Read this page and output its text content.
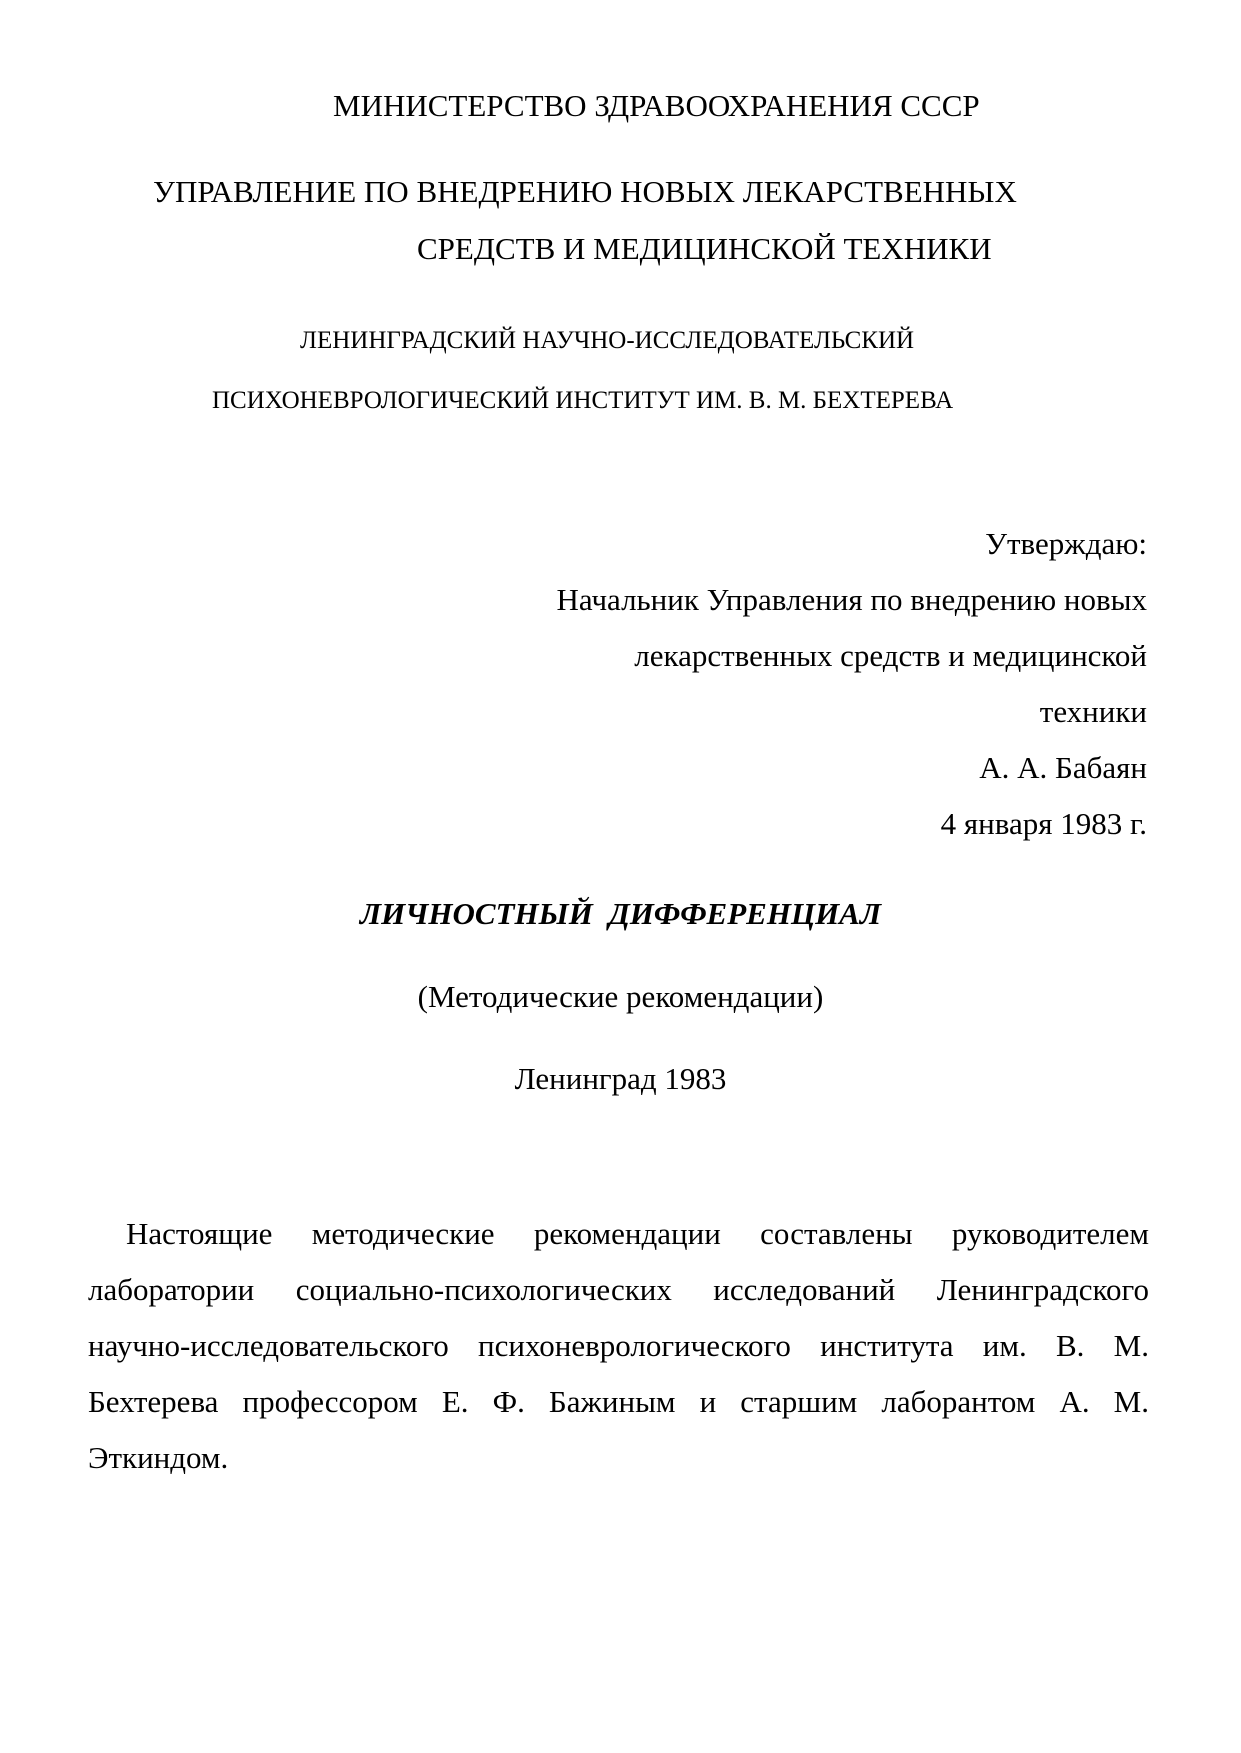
МИНИСТЕРСТВО ЗДРАВООХРАНЕНИЯ СССР
УПРАВЛЕНИЕ ПО ВНЕДРЕНИЮ НОВЫХ ЛЕКАРСТВЕННЫХ
СРЕДСТВ И МЕДИЦИНСКОЙ ТЕХНИКИ
ЛЕНИНГРАДСКИЙ НАУЧНО-ИССЛЕДОВАТЕЛЬСКИЙ
ПСИХОНЕВРОЛОГИЧЕСКИЙ ИНСТИТУТ ИМ. В. М. БЕХТЕРЕВА
Утверждаю:
Начальник Управления по внедрению новых
лекарственных средств и медицинской
техники
А. А. Бабаян
4 января 1983 г.
ЛИЧНОСТНЫЙ ДИФФЕРЕНЦИАЛ
(Методические рекомендации)
Ленинград 1983
Настоящие методические рекомендации составлены руководителем лаборатории социально-психологических исследований Ленинградского научно-исследовательского психоневрологического института им. В. М. Бехтерева профессором Е. Ф. Бажиным и старшим лаборантом А. М. Эткиндом.
